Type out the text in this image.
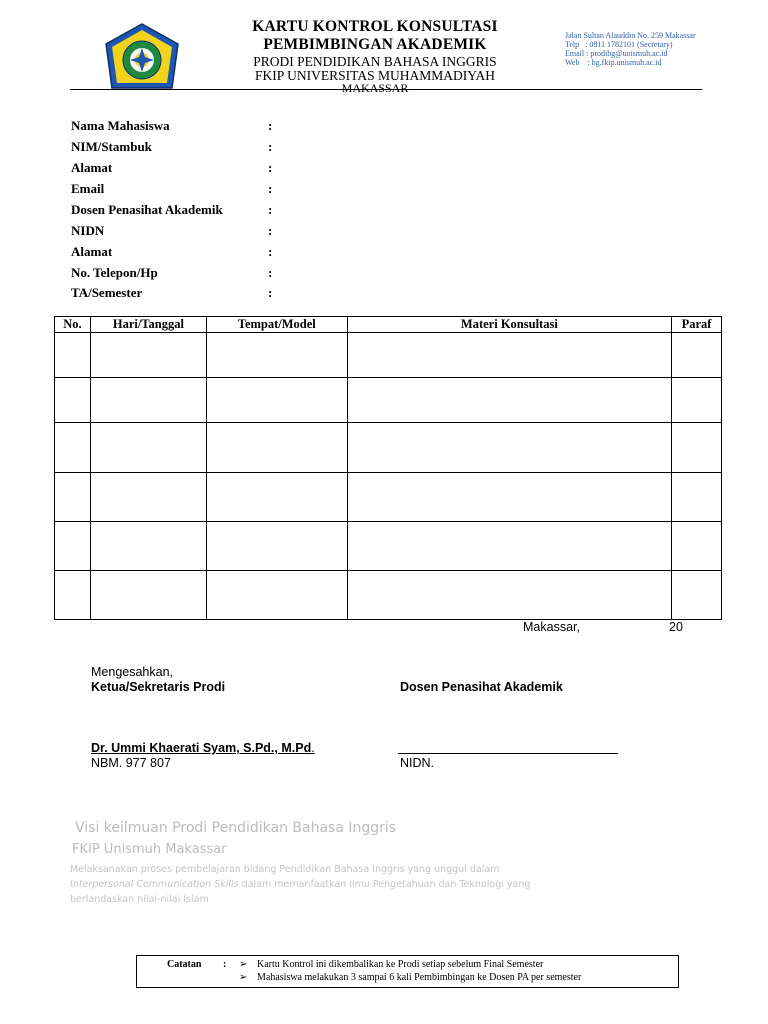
KARTU KONTROL KONSULTASI
PEMBIMBINGAN AKADEMIK
PRODI PENDIDIKAN BAHASA INGGRIS
FKIP UNIVERSITAS MUHAMMADIYAH
MAKASSAR
Jalan Sultan Alauddin No. 259 Makassar
Telp   : 0811 1782101 (Secretary)
Email : prodibg@unismuh.ac.id
Web    : bg.fkip.unismuh.ac.id
Nama Mahasiswa	:
NIM/Stambuk	:
Alamat	:
Email	:
Dosen Penasihat Akademik	:
NIDN	:
Alamat	:
No. Telepon/Hp	:
TA/Semester	:
No.	Hari/Tanggal	Tempat/Model	Materi Konsultasi	Paraf

Makassar,	20
Mengesahkan,
Ketua/Sekretaris Prodi	Dosen Penasihat Akademik
Dr. Ummi Khaerati Syam, S.Pd., M.Pd.
NBM. 977 807	NIDN.
Visi keilmuan Prodi Pendidikan Bahasa Inggris
FKIP Unismuh Makassar
Melaksanakan proses pembelajaran bidang Pendidikan Bahasa Inggris yang unggul dalam Interpersonal Communication Skills dalam memanfaatkan ilmu Pengetahuan dan Teknologi yang berlandaskan nilai-nilai Islam
Catatan : ➢ Kartu Kontrol ini dikembalikan ke Prodi setiap sebelum Final Semester
➢ Mahasiswa melakukan 3 sampai 6 kali Pembimbingan ke Dosen PA per semester
